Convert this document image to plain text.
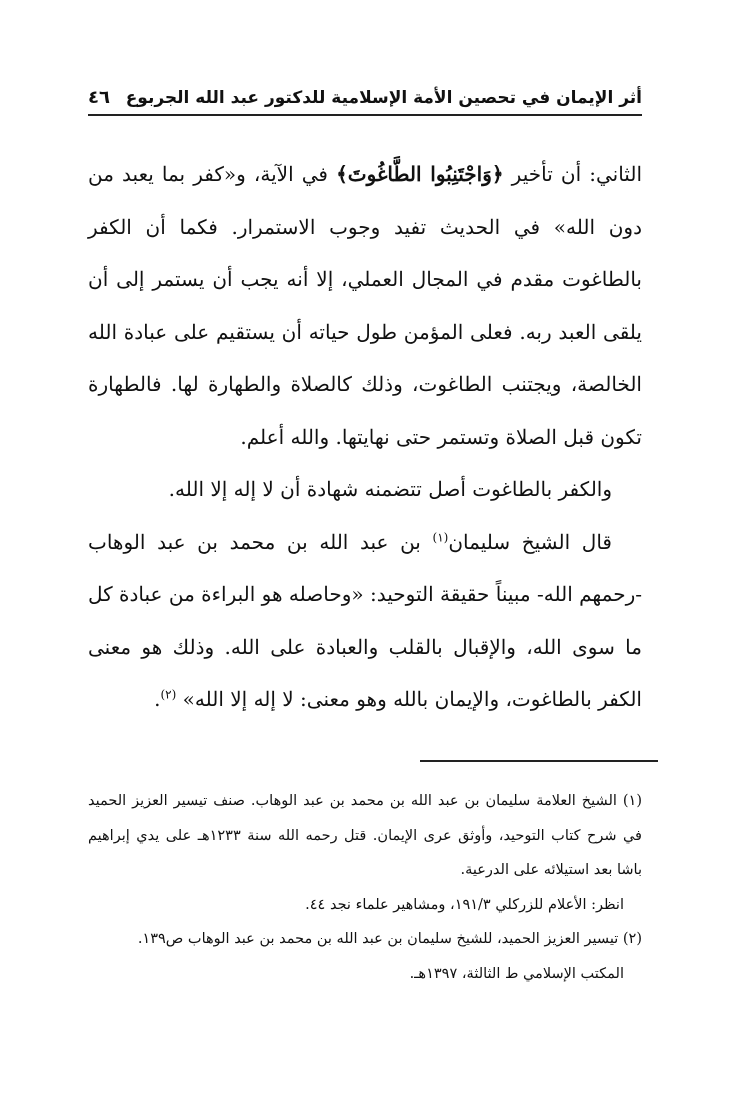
أثر الإيمان في تحصين الأمة الإسلامية للدكتور عبد الله الجربوع
٤٦

الثاني: أن تأخير ﴿وَاجْتَنِبُوا الطَّاغُوتَ﴾ في الآية، و«كفر بما يعبد من دون الله» في الحديث تفيد وجوب الاستمرار. فكما أن الكفر بالطاغوت مقدم في المجال العملي، إلا أنه يجب أن يستمر إلى أن يلقى العبد ربه. فعلى المؤمن طول حياته أن يستقيم على عبادة الله الخالصة، ويجتنب الطاغوت، وذلك كالصلاة والطهارة لها. فالطهارة تكون قبل الصلاة وتستمر حتى نهايتها. والله أعلم.

والكفر بالطاغوت أصل تتضمنه شهادة أن لا إله إلا الله.

قال الشيخ سليمان$^{(١)}$ بن عبد الله بن محمد بن عبد الوهاب -رحمهم الله- مبيناً حقيقة التوحيد: «وحاصله هو البراءة من عبادة كل ما سوى الله، والإقبال بالقلب والعبادة على الله. وذلك هو معنى الكفر بالطاغوت، والإيمان بالله وهو معنى: لا إله إلا الله» $^{(٢)}$.

(١) الشيخ العلامة سليمان بن عبد الله بن محمد بن عبد الوهاب. صنف تيسير العزيز الحميد في شرح كتاب التوحيد، وأوثق عرى الإيمان. قتل رحمه الله سنة ١٢٣٣هـ على يدي إبراهيم باشا بعد استيلائه على الدرعية.

انظر: الأعلام للزركلي ١٩١/٣، ومشاهير علماء نجد ٤٤.

(٢) تيسير العزيز الحميد، للشيخ سليمان بن عبد الله بن محمد بن عبد الوهاب ص١٣٩.

المكتب الإسلامي ط الثالثة، ١٣٩٧هـ.
